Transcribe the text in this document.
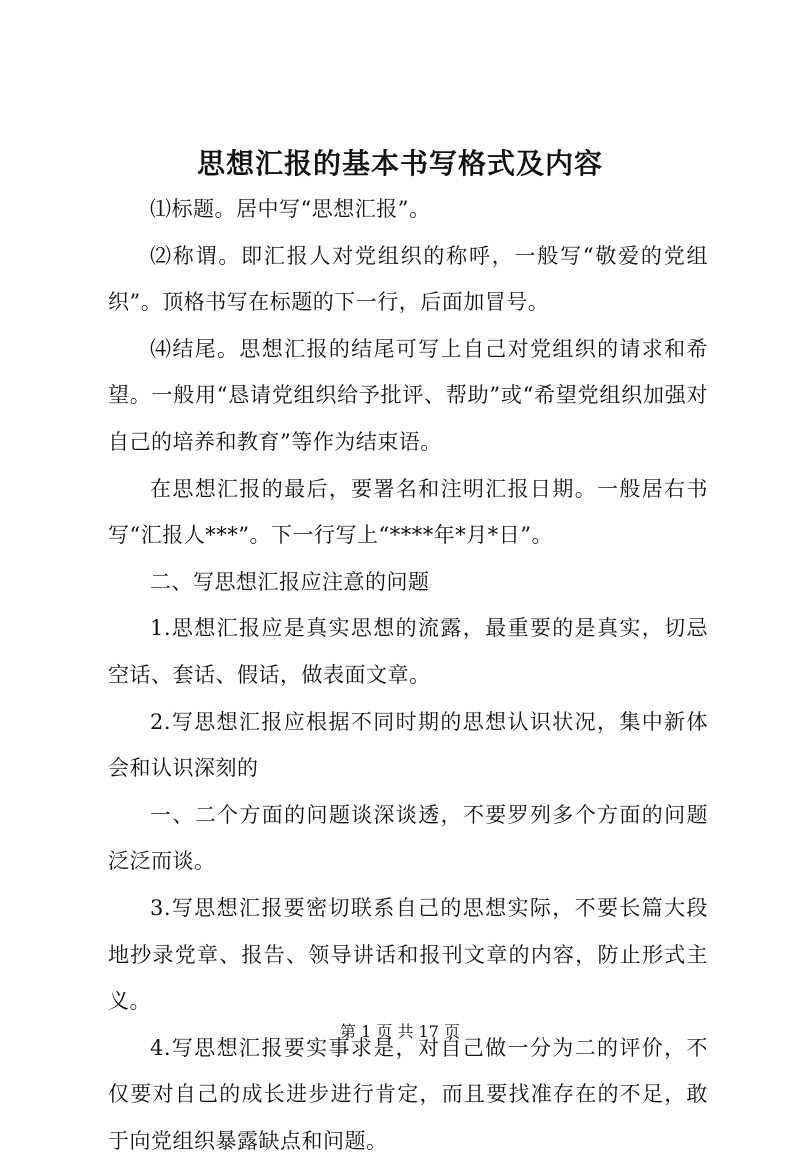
思想汇报的基本书写格式及内容

⑴标题。居中写“思想汇报”。

⑵称谓。即汇报人对党组织的称呼，一般写“敬爱的党组织”。顶格书写在标题的下一行，后面加冒号。

⑷结尾。思想汇报的结尾可写上自己对党组织的请求和希望。一般用“恳请党组织给予批评、帮助”或“希望党组织加强对自己的培养和教育”等作为结束语。

在思想汇报的最后，要署名和注明汇报日期。一般居右书写“汇报人***”。下一行写上“****年*月*日”。

二、写思想汇报应注意的问题

1.思想汇报应是真实思想的流露，最重要的是真实，切忌空话、套话、假话，做表面文章。

2.写思想汇报应根据不同时期的思想认识状况，集中新体会和认识深刻的

一、二个方面的问题谈深谈透，不要罗列多个方面的问题泛泛而谈。

3.写思想汇报要密切联系自己的思想实际，不要长篇大段地抄录党章、报告、领导讲话和报刊文章的内容，防止形式主义。

4.写思想汇报要实事求是，对自己做一分为二的评价，不仅要对自己的成长进步进行肯定，而且要找准存在的不足，敢于向党组织暴露缺点和问题。

第 1 页 共 17 页
